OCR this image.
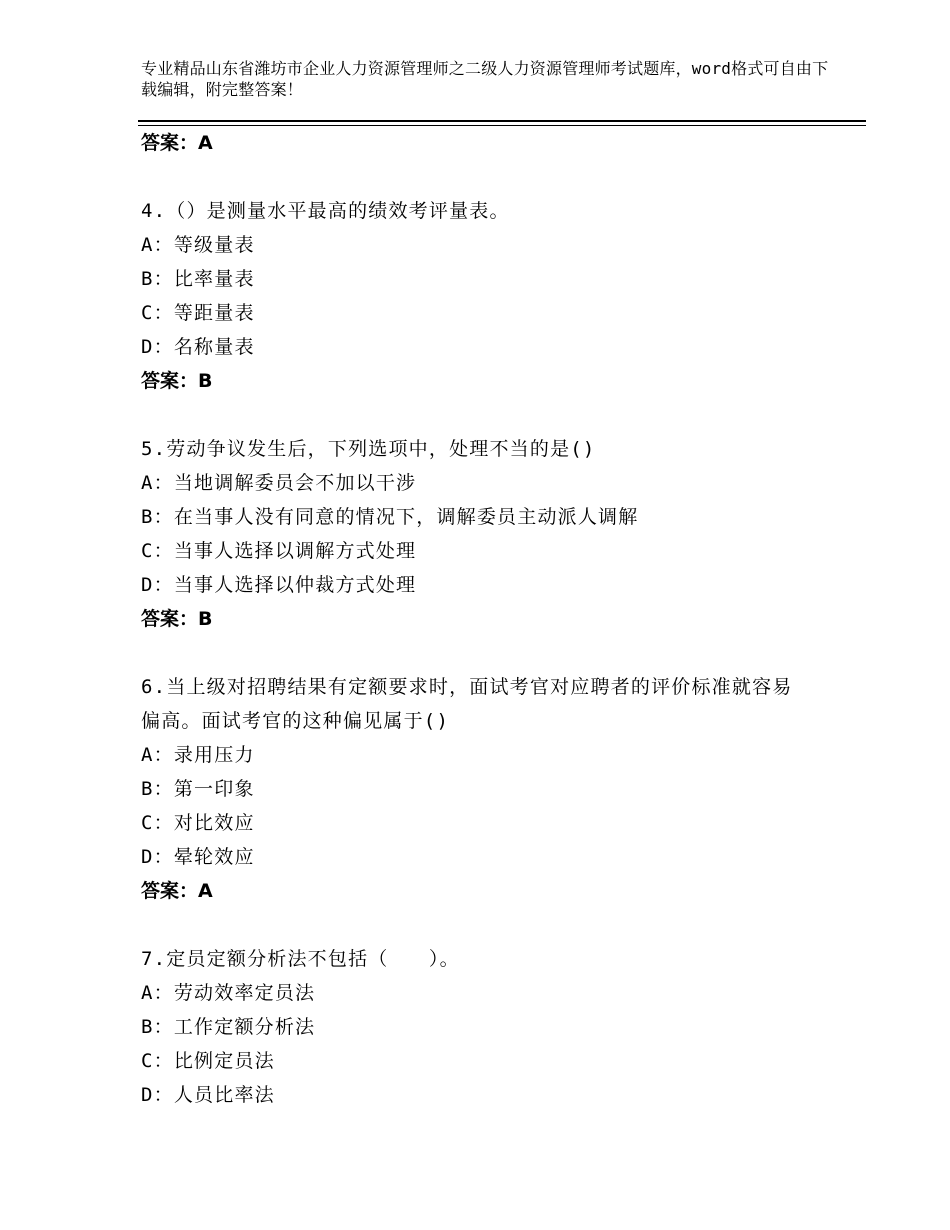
专业精品山东省潍坊市企业人力资源管理师之二级人力资源管理师考试题库，word格式可自由下载编辑，附完整答案！
答案：A
4.（）是测量水平最高的绩效考评量表。
A：等级量表
B：比率量表
C：等距量表
D：名称量表
答案：B
5.劳动争议发生后，下列选项中，处理不当的是()
A：当地调解委员会不加以干涉
B：在当事人没有同意的情况下，调解委员主动派人调解
C：当事人选择以调解方式处理
D：当事人选择以仲裁方式处理
答案：B
6.当上级对招聘结果有定额要求时，面试考官对应聘者的评价标准就容易偏高。面试考官的这种偏见属于()
A：录用压力
B：第一印象
C：对比效应
D：晕轮效应
答案：A
7.定员定额分析法不包括（　　）。
A：劳动效率定员法
B：工作定额分析法
C：比例定员法
D：人员比率法
